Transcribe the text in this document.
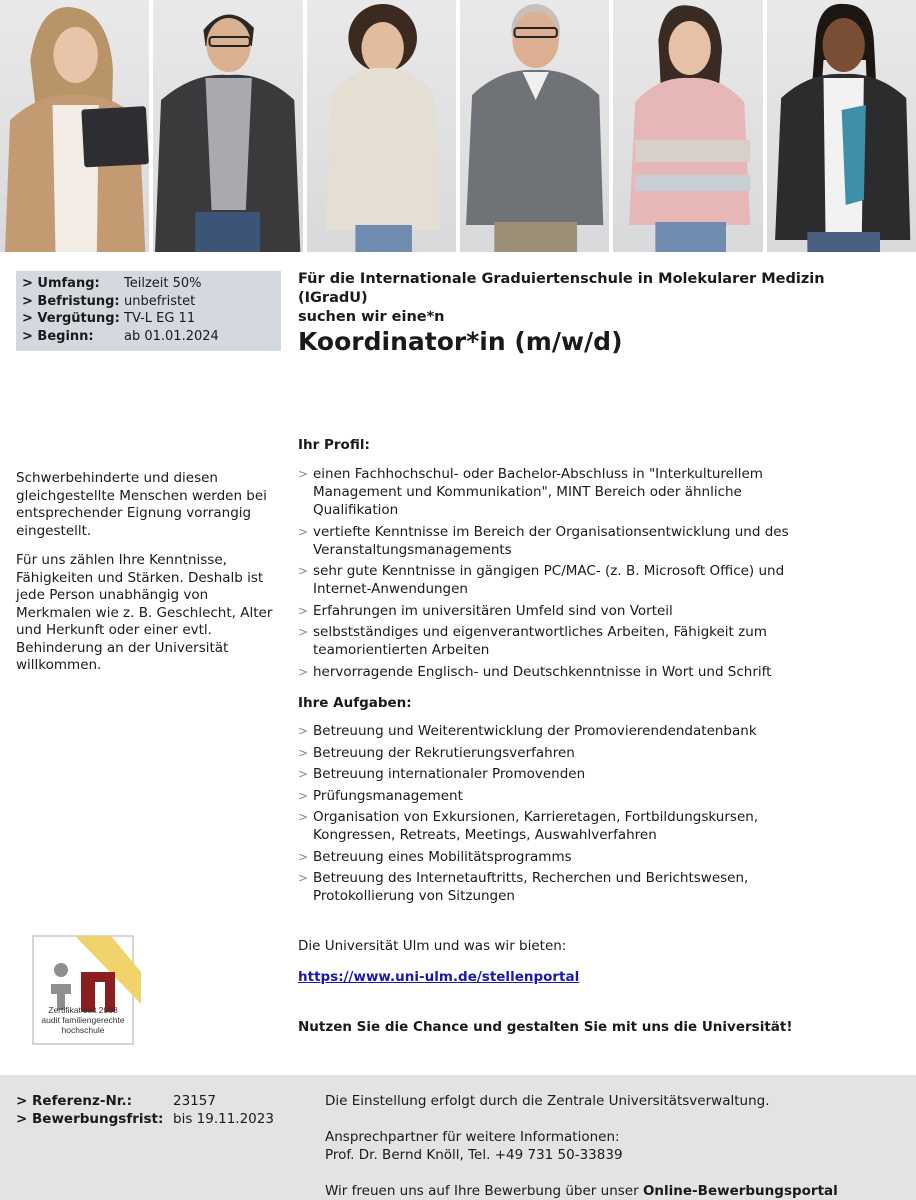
> Umfang:	Teilzeit 50%
> Befristung: unbefristet
> Vergütung: TV-L EG 11
> Beginn:	ab 01.01.2024
Für die Internationale Graduiertenschule in Molekularer Medizin (IGradU)
suchen wir eine*n
Koordinator*in (m/w/d)

Schwerbehinderte und diesen gleichgestellte Menschen werden bei entsprechender Eignung vorrangig eingestellt.

Für uns zählen Ihre Kenntnisse, Fähigkeiten und Stärken. Deshalb ist jede Person unabhängig von Merkmalen wie z. B. Geschlecht, Alter und Herkunft oder einer evtl. Behinderung an der Universität willkommen.

Ihr Profil:
> einen Fachhochschul- oder Bachelor-Abschluss in "Interkulturellem Management und Kommunikation", MINT Bereich oder ähnliche Qualifikation
> vertiefte Kenntnisse im Bereich der Organisationsentwicklung und des Veranstaltungsmanagements
> sehr gute Kenntnisse in gängigen PC/MAC- (z. B. Microsoft Office) und Internet-Anwendungen
> Erfahrungen im universitären Umfeld sind von Vorteil
> selbstständiges und eigenverantwortliches Arbeiten, Fähigkeit zum teamorientierten Arbeiten
> hervorragende Englisch- und Deutschkenntnisse in Wort und Schrift
Ihre Aufgaben:
> Betreuung und Weiterentwicklung der Promovierendendatenbank
> Betreuung der Rekrutierungsverfahren
> Betreuung internationaler Promovenden
> Prüfungsmanagement
> Organisation von Exkursionen, Karrieretagen, Fortbildungskursen, Kongressen, Retreats, Meetings, Auswahlverfahren
> Betreuung eines Mobilitätsprogramms
> Betreuung des Internetauftritts, Recherchen und Berichtswesen, Protokollierung von Sitzungen
Die Universität Ulm und was wir bieten:
https://www.uni-ulm.de/stellenportal
Nutzen Sie die Chance und gestalten Sie mit uns die Universität!
Zertifikat seit 2008
audit familiengerechte
hochschule
> Referenz-Nr.:	23157
> Bewerbungsfrist: bis 19.11.2023

Die Einstellung erfolgt durch die Zentrale Universitätsverwaltung.

Ansprechpartner für weitere Informationen:
Prof. Dr. Bernd Knöll, Tel. +49 731 50-33839

Wir freuen uns auf Ihre Bewerbung über unser Online-Bewerbungsportal
